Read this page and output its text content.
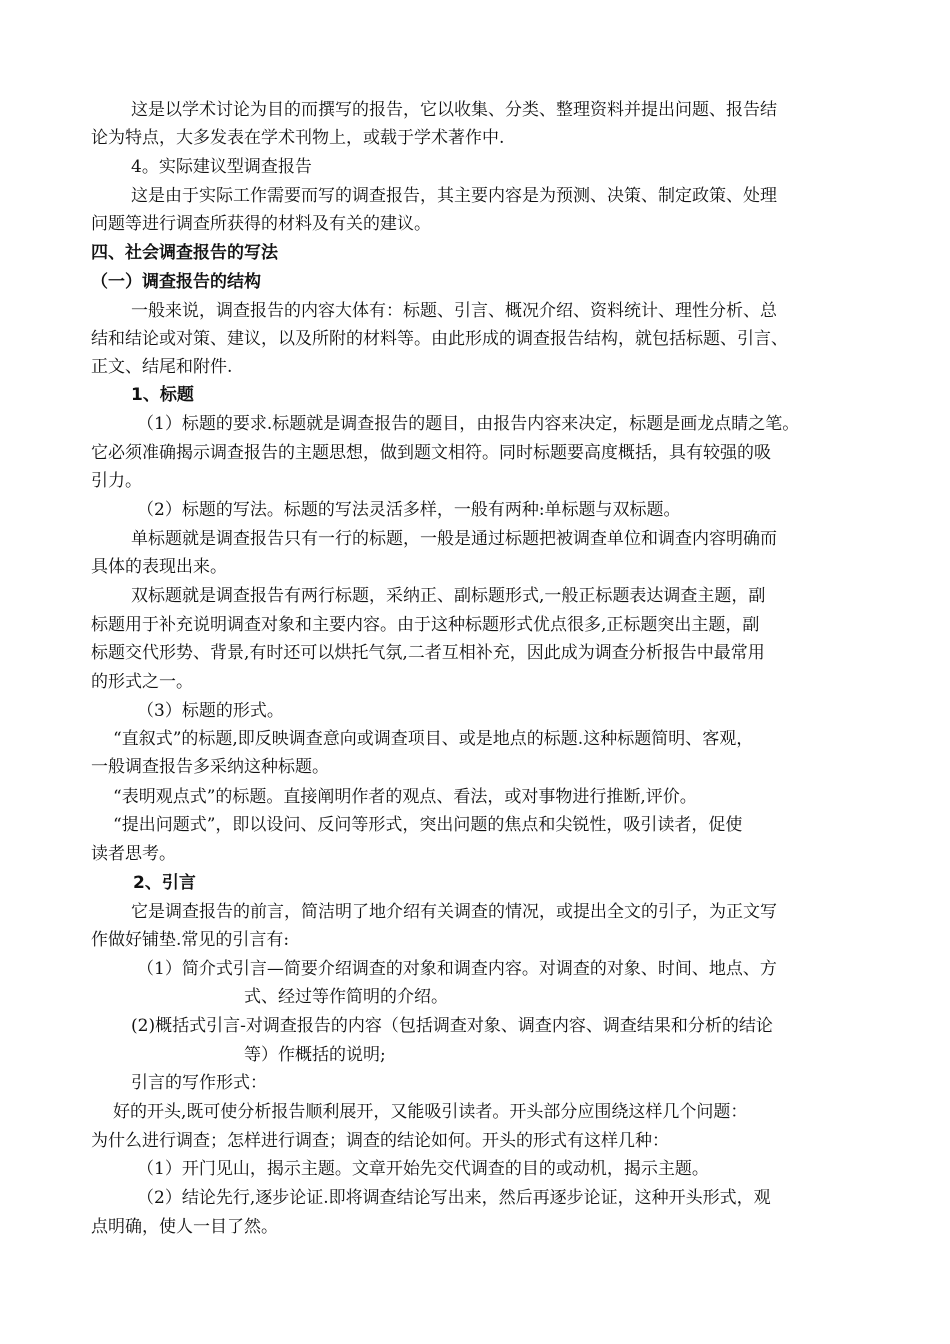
这是以学术讨论为目的而撰写的报告，它以收集、分类、整理资料并提出问题、报告结
论为特点，大多发表在学术刊物上，或载于学术著作中.
4。实际建议型调查报告
这是由于实际工作需要而写的调查报告，其主要内容是为预测、决策、制定政策、处理
问题等进行调查所获得的材料及有关的建议。
四、社会调查报告的写法
（一）调查报告的结构
一般来说，调查报告的内容大体有：标题、引言、概况介绍、资料统计、理性分析、总
结和结论或对策、建议，以及所附的材料等。由此形成的调查报告结构，就包括标题、引言、
正文、结尾和附件.
1、标题
（1）标题的要求.标题就是调查报告的题目，由报告内容来决定，标题是画龙点睛之笔。
它必须准确揭示调查报告的主题思想，做到题文相符。同时标题要高度概括，具有较强的吸
引力。
（2）标题的写法。标题的写法灵活多样，一般有两种:单标题与双标题。
单标题就是调查报告只有一行的标题，一般是通过标题把被调查单位和调查内容明确而
具体的表现出来。
双标题就是调查报告有两行标题，采纳正、副标题形式,一般正标题表达调查主题，副
标题用于补充说明调查对象和主要内容。由于这种标题形式优点很多,正标题突出主题，副
标题交代形势、背景,有时还可以烘托气氛,二者互相补充，因此成为调查分析报告中最常用
的形式之一。
（3）标题的形式。
“直叙式”的标题,即反映调查意向或调查项目、或是地点的标题.这种标题简明、客观，
一般调查报告多采纳这种标题。
“表明观点式”的标题。直接阐明作者的观点、看法，或对事物进行推断,评价。
“提出问题式”，即以设问、反问等形式，突出问题的焦点和尖锐性，吸引读者，促使
读者思考。
2、引言
它是调查报告的前言，简洁明了地介绍有关调查的情况，或提出全文的引子，为正文写
作做好铺垫.常见的引言有:
（1）简介式引言—简要介绍调查的对象和调查内容。对调查的对象、时间、地点、方
式、经过等作简明的介绍。
(2)概括式引言-对调查报告的内容（包括调查对象、调查内容、调查结果和分析的结论
等）作概括的说明;
引言的写作形式：
好的开头,既可使分析报告顺利展开，又能吸引读者。开头部分应围绕这样几个问题：
为什么进行调查；怎样进行调查；调查的结论如何。开头的形式有这样几种：
（1）开门见山，揭示主题。文章开始先交代调查的目的或动机，揭示主题。
（2）结论先行,逐步论证.即将调查结论写出来，然后再逐步论证，这种开头形式，观
点明确，使人一目了然。
